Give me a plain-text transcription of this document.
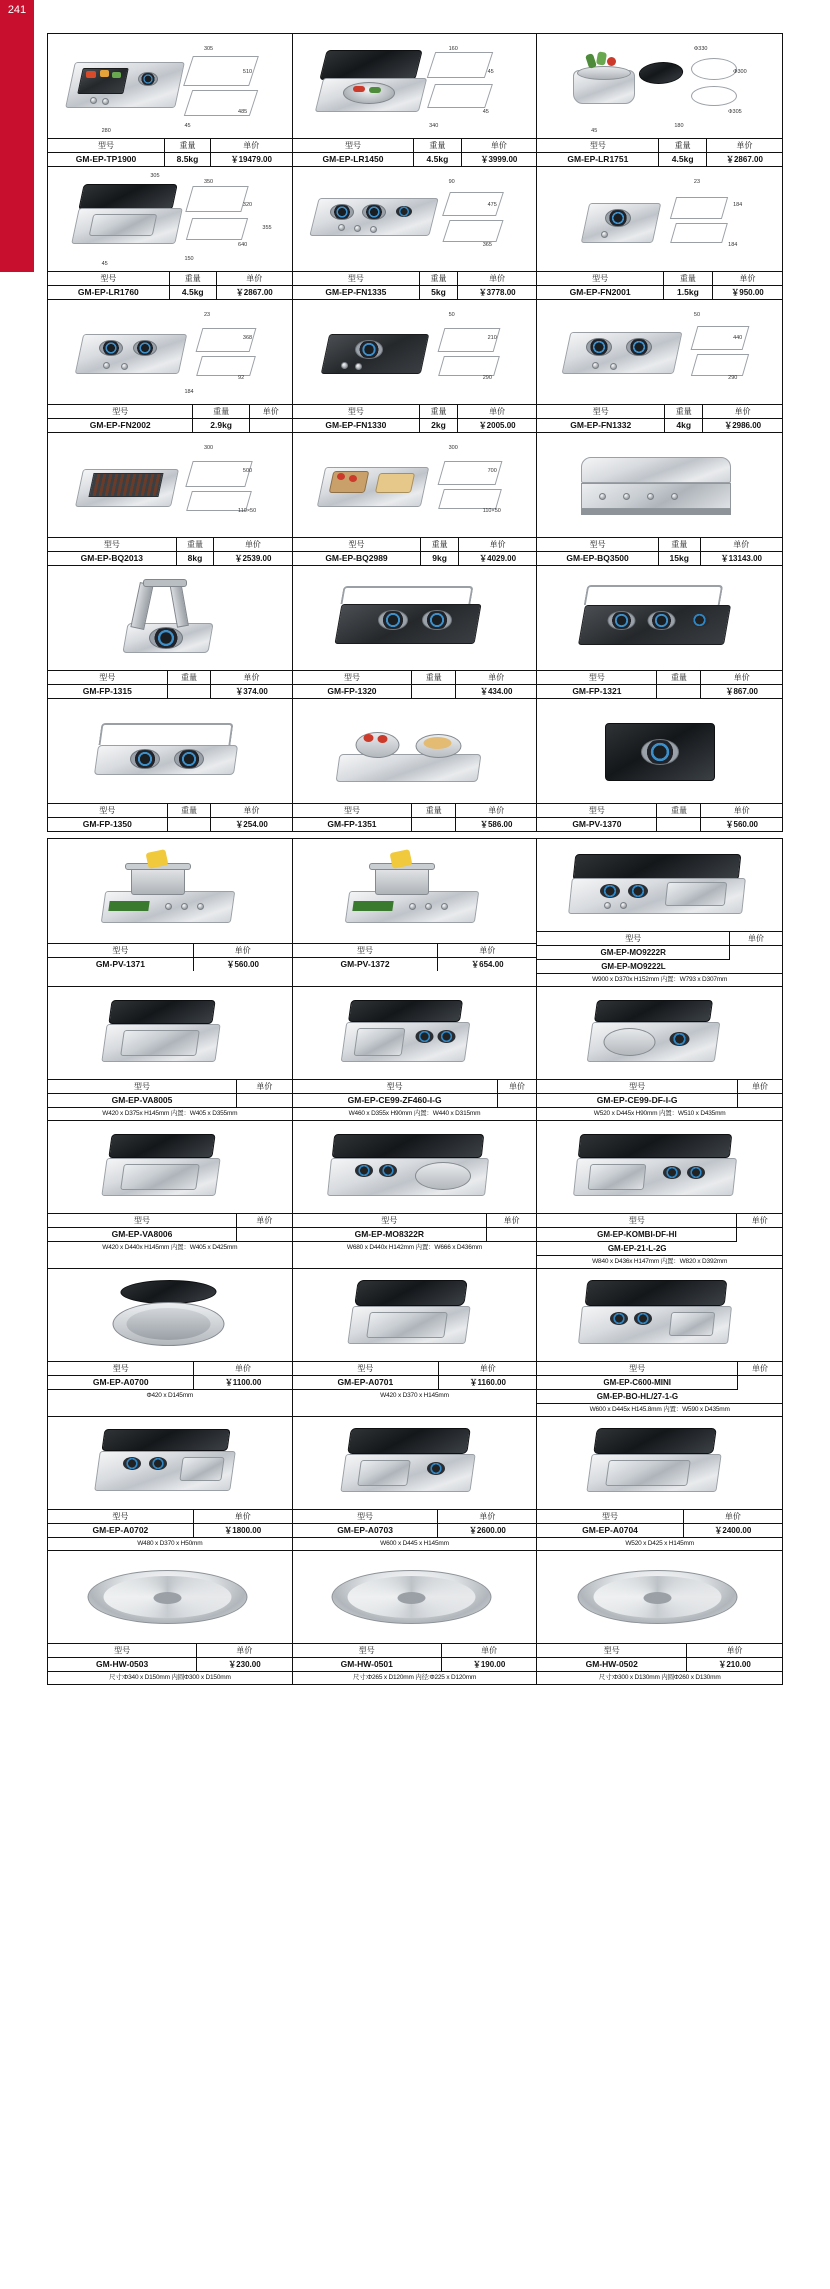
241
305
510
485
45
280
型号	重量	单价
GM-EP-TP1900	8.5kg	￥19479.00
160
45
45
340
型号	重量	单价
GM-EP-LR1450	4.5kg	￥3999.00
Φ330
Φ300
Φ305
180
45
型号	重量	单价
GM-EP-LR1751	4.5kg	￥2867.00
350
320
640
150
45
305
355
型号	重量	单价
GM-EP-LR1760	4.5kg	￥2867.00
90
475
365
型号	重量	单价
GM-EP-FN1335	5kg	￥3778.00
23
184
184
型号	重量	单价
GM-EP-FN2001	1.5kg	￥950.00
23
368
92
184
型号	重量	单价
GM-EP-FN2002	2.9kg	
50
210
290
型号	重量	单价
GM-EP-FN1330	2kg	￥2005.00
50
440
290
型号	重量	单价
GM-EP-FN1332	4kg	￥2986.00
300
500
110×50
型号	重量	单价
GM-EP-BQ2013	8kg	￥2539.00
300
700
110×50
型号	重量	单价
GM-EP-BQ2989	9kg	￥4029.00
型号	重量	单价
GM-EP-BQ3500	15kg	￥13143.00
型号	重量	单价
GM-FP-1315		￥374.00
型号	重量	单价
GM-FP-1320		￥434.00
型号	重量	单价
GM-FP-1321		￥867.00
型号	重量	单价
GM-FP-1350		￥254.00
型号	重量	单价
GM-FP-1351		￥586.00
型号	重量	单价
GM-PV-1370		￥560.00
型号	单价
GM-PV-1371	￥560.00
型号	单价
GM-PV-1372	￥654.00
型号	单价
GM-EP-MO9222R	
GM-EP-MO9222L	
W900 x D370x H152mm 内置：W793 x D307mm	
型号	单价
GM-EP-VA8005	
W420 x D375x H145mm 内置：W405 x D355mm	
型号	单价
GM-EP-CE99-ZF460-I-G	
W460 x D355x H90mm 内置：W440 x D315mm	
型号	单价
GM-EP-CE99-DF-I-G	
W520 x D445x H90mm 内置：W510 x D435mm	
型号	单价
GM-EP-VA8006	
W420 x D440x H145mm 内置：W405 x D425mm	
型号	单价
GM-EP-MO8322R	
W680 x D440x H142mm 内置：W666 x D436mm	
型号	单价
GM-EP-KOMBI-DF-HI	
GM-EP-21-L-2G	
W840 x D436x H147mm 内置：W820 x D392mm	
型号	单价
GM-EP-A0700	￥1100.00
Φ420 x D145mm	
型号	单价
GM-EP-A0701	￥1160.00
W420 x D370 x H145mm	
型号	单价
GM-EP-C600-MINI	
GM-EP-BO-HL/27-1-G	
W600 x D445x H145.8mm 内置：W590 x D435mm	
型号	单价
GM-EP-A0702	￥1800.00
W480 x D370 x H50mm	
型号	单价
GM-EP-A0703	￥2600.00
W600 x D445 x H145mm	
型号	单价
GM-EP-A0704	￥2400.00
W520 x D425 x H145mm	
型号	单价
GM-HW-0503	￥230.00
尺寸:Φ340 x D150mm 内圆Φ300 x D150mm	
型号	单价
GM-HW-0501	￥190.00
尺寸:Φ265 x D120mm 内径:Φ225 x D120mm	
型号	单价
GM-HW-0502	￥210.00
尺寸:Φ300 x D130mm 内圆Φ260 x D130mm	
